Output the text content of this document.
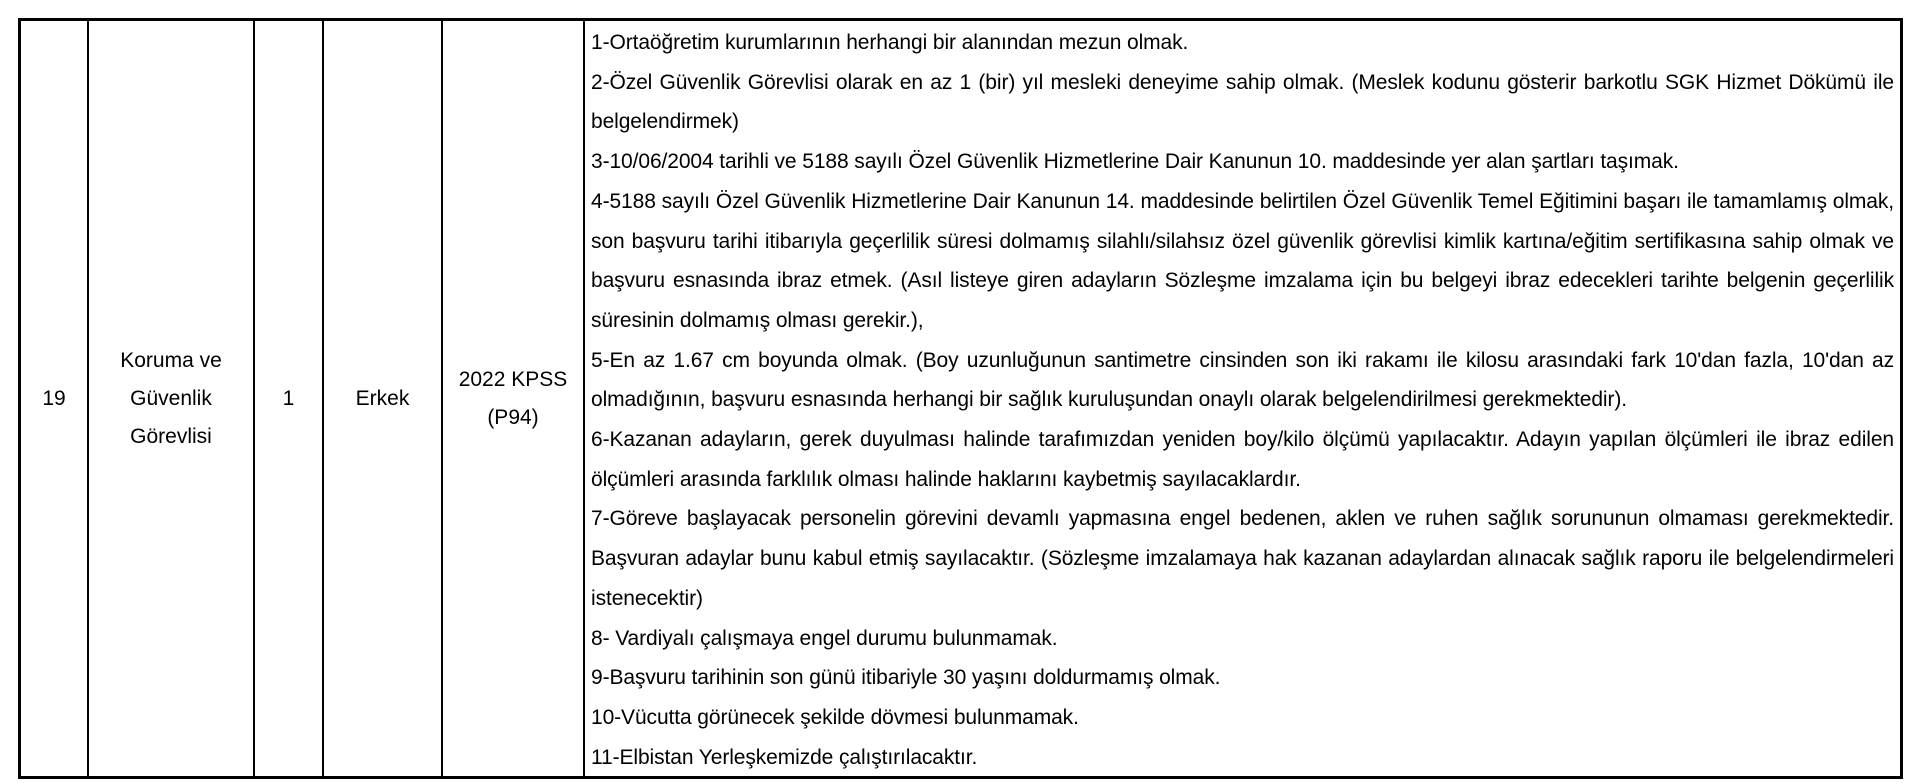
19
Koruma ve Güvenlik Görevlisi
1	Erkek
2022 KPSS (P94)
1-Ortaöğretim kurumlarının herhangi bir alanından mezun olmak.
2-Özel Güvenlik Görevlisi olarak en az 1 (bir) yıl mesleki deneyime sahip olmak. (Meslek kodunu gösterir barkotlu SGK Hizmet Dökümü ile belgelendirmek)
3-10/06/2004 tarihli ve 5188 sayılı Özel Güvenlik Hizmetlerine Dair Kanunun 10. maddesinde yer alan şartları taşımak.
4-5188 sayılı Özel Güvenlik Hizmetlerine Dair Kanunun 14. maddesinde belirtilen Özel Güvenlik Temel Eğitimini başarı ile tamamlamış olmak, son başvuru tarihi itibarıyla geçerlilik süresi dolmamış silahlı/silahsız özel güvenlik görevlisi kimlik kartına/eğitim sertifikasına sahip olmak ve başvuru esnasında ibraz etmek. (Asıl listeye giren adayların Sözleşme imzalama için bu belgeyi ibraz edecekleri tarihte belgenin geçerlilik süresinin dolmamış olması gerekir.),
5-En az 1.67 cm boyunda olmak. (Boy uzunluğunun santimetre cinsinden son iki rakamı ile kilosu arasındaki fark 10'dan fazla, 10'dan az olmadığının, başvuru esnasında herhangi bir sağlık kuruluşundan onaylı olarak belgelendirilmesi gerekmektedir).
6-Kazanan adayların, gerek duyulması halinde tarafımızdan yeniden boy/kilo ölçümü yapılacaktır. Adayın yapılan ölçümleri ile ibraz edilen ölçümleri arasında farklılık olması halinde haklarını kaybetmiş sayılacaklardır.
7-Göreve başlayacak personelin görevini devamlı yapmasına engel bedenen, aklen ve ruhen sağlık sorununun olmaması gerekmektedir. Başvuran adaylar bunu kabul etmiş sayılacaktır. (Sözleşme imzalamaya hak kazanan adaylardan alınacak sağlık raporu ile belgelendirmeleri istenecektir)
8- Vardiyalı çalışmaya engel durumu bulunmamak.
9-Başvuru tarihinin son günü itibariyle 30 yaşını doldurmamış olmak.
10-Vücutta görünecek şekilde dövmesi bulunmamak.
11-Elbistan Yerleşkemizde çalıştırılacaktır.
